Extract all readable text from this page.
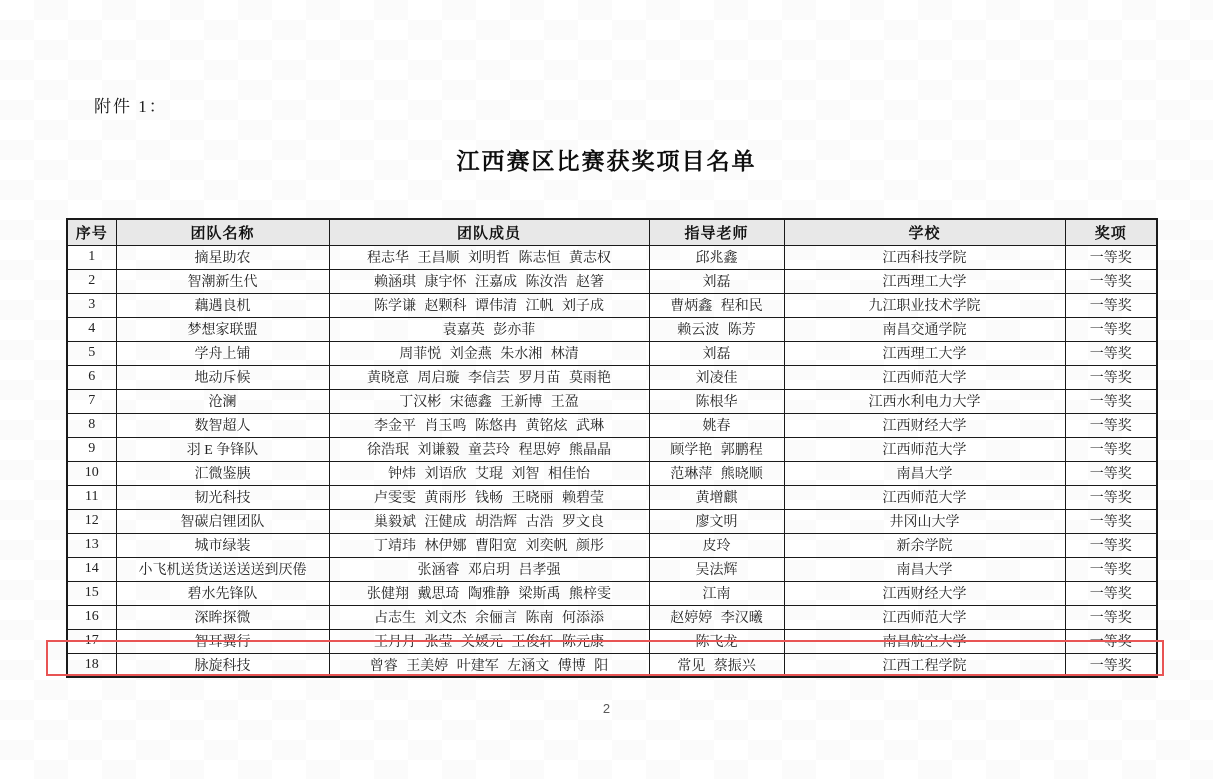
附件 1：
江西赛区比赛获奖项目名单
序号	团队名称	团队成员	指导老师	学校	奖项
1	摘星助农	程志华 王昌顺 刘明哲 陈志恒 黄志权	邱兆鑫	江西科技学院	一等奖
2	智潮新生代	赖涵琪 康宇怀 汪嘉成 陈汝浩 赵箸	刘磊	江西理工大学	一等奖
3	藕遇良机	陈学谦 赵颗科 谭伟清 江帆 刘子成	曹炳鑫 程和民	九江职业技术学院	一等奖
4	梦想家联盟	袁嘉英 彭亦菲	赖云波 陈芳	南昌交通学院	一等奖
5	学舟上铺	周菲悦 刘金燕 朱水湘 林清	刘磊	江西理工大学	一等奖
6	地动斥候	黄晓意 周启璇 李信芸 罗月苗 莫雨艳	刘凌佳	江西师范大学	一等奖
7	沧澜	丁汉彬 宋德鑫 王新博 王盈	陈根华	江西水利电力大学	一等奖
8	数智超人	李金平 肖玉鸣 陈悠冉 黄铭炫 武琳	姚春	江西财经大学	一等奖
9	羽 E 争锋队	徐浩珉 刘谦毅 童芸玲 程思婷 熊晶晶	顾学艳 郭鹏程	江西师范大学	一等奖
10	汇微鉴胰	钟炜 刘语欣 艾琨 刘智 相佳怡	范琳萍 熊晓顺	南昌大学	一等奖
11	韧光科技	卢雯雯 黄雨彤 钱畅 王晓丽 赖碧莹	黄增麒	江西师范大学	一等奖
12	智碳启锂团队	巢毅斌 汪健成 胡浩辉 古浩 罗文良	廖文明	井冈山大学	一等奖
13	城市绿装	丁靖玮 林伊娜 曹阳宽 刘奕帆 颜彤	皮玲	新余学院	一等奖
14	小飞机送货送送送送到厌倦	张涵睿 邓启玥 吕孝强	吴法辉	南昌大学	一等奖
15	碧水先锋队	张健翔 戴思琦 陶雅静 梁斯禹 熊梓雯	江南	江西财经大学	一等奖
16	深眸探微	占志生 刘文杰 余俪言 陈南 何添添	赵婷婷 李汉曦	江西师范大学	一等奖
17	智耳翼行	王月月 张莹 关媛元 王俊轩 陈元康	陈飞龙	南昌航空大学	一等奖
18	脉旋科技	曾睿 王美婷 叶建军 左涵文 傅博 阳	常见 蔡振兴	江西工程学院	一等奖
2
